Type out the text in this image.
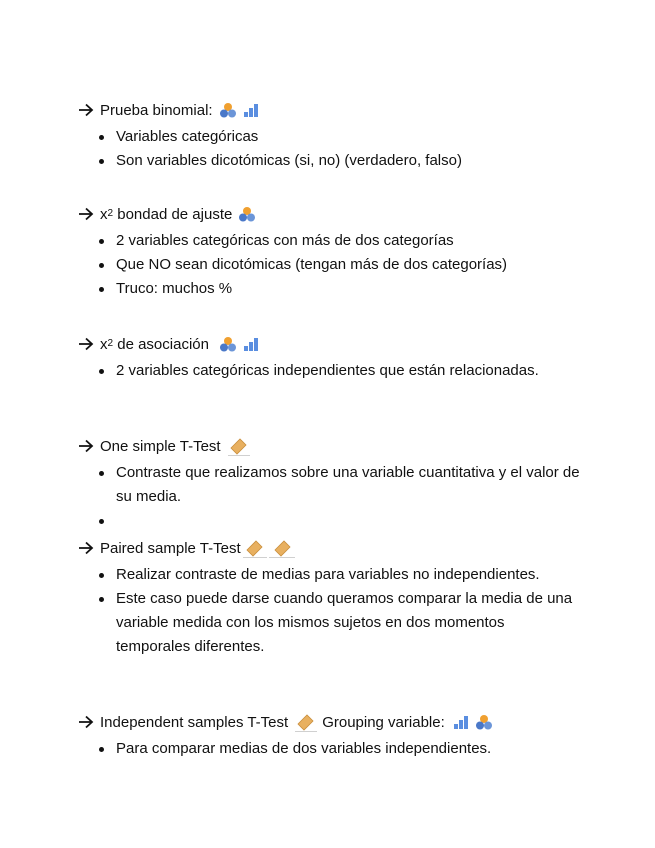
Prueba binomial:
Variables categóricas
Son variables dicotómicas (si, no) (verdadero, falso)
x 2 bondad de ajuste
2 variables categóricas con más de dos categorías
Que NO sean dicotómicas (tengan más de dos categorías)
Truco: muchos %
x 2 de asociación
2 variables categóricas independientes que están relacionadas.
One simple T-Test
Contraste que realizamos sobre una variable cuantitativa y el valor de su media.
Paired sample T-Test
Realizar contraste de medias para variables no independientes.
Este caso puede darse cuando queramos comparar la media de una variable medida con los mismos sujetos en dos momentos temporales diferentes.
Independent samples T-Test Grouping variable:
Para comparar medias de dos variables independientes.
